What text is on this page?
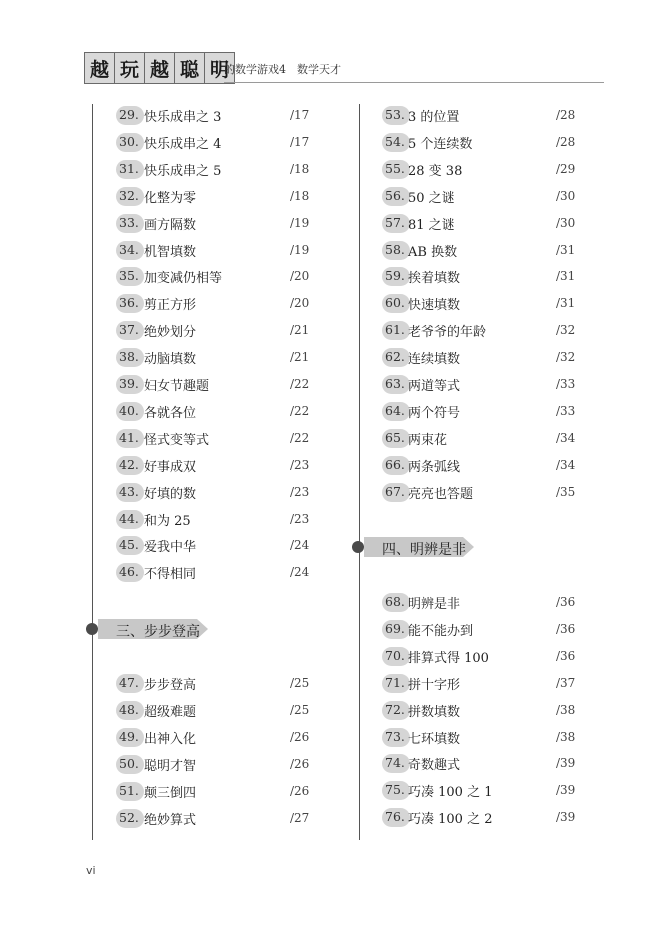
越 玩 越 聪 明
的数学游戏4　数学天才
29. 快乐成串之 3	/17
30. 快乐成串之 4	/17
31. 快乐成串之 5	/18
32. 化整为零	/18
33. 画方隔数	/19
34. 机智填数	/19
35. 加变减仍相等	/20
36. 剪正方形	/20
37. 绝妙划分	/21
38. 动脑填数	/21
39. 妇女节趣题	/22
40. 各就各位	/22
41. 怪式变等式	/22
42. 好事成双	/23
43. 好填的数	/23
44. 和为 25	/23
45. 爱我中华	/24
46. 不得相同	/24
47. 步步登高	/25
48. 超级难题	/25
49. 出神入化	/26
50. 聪明才智	/26
51. 颠三倒四	/26
52. 绝妙算式	/27
53. 3 的位置	/28
54. 5 个连续数	/28
55. 28 变 38	/29
56. 50 之谜	/30
57. 81 之谜	/30
58. AB 换数	/31
59. 挨着填数	/31
60. 快速填数	/31
61. 老爷爷的年龄	/32
62. 连续填数	/32
63. 两道等式	/33
64. 两个符号	/33
65. 两束花	/34
66. 两条弧线	/34
67. 亮亮也答题	/35
68. 明辨是非	/36
69. 能不能办到	/36
70. 排算式得 100	/36
71. 拼十字形	/37
72. 拼数填数	/38
73. 七环填数	/38
74. 奇数趣式	/39
75. 巧凑 100 之 1	/39
76. 巧凑 100 之 2	/39
三、步步登高
四、明辨是非
vi
